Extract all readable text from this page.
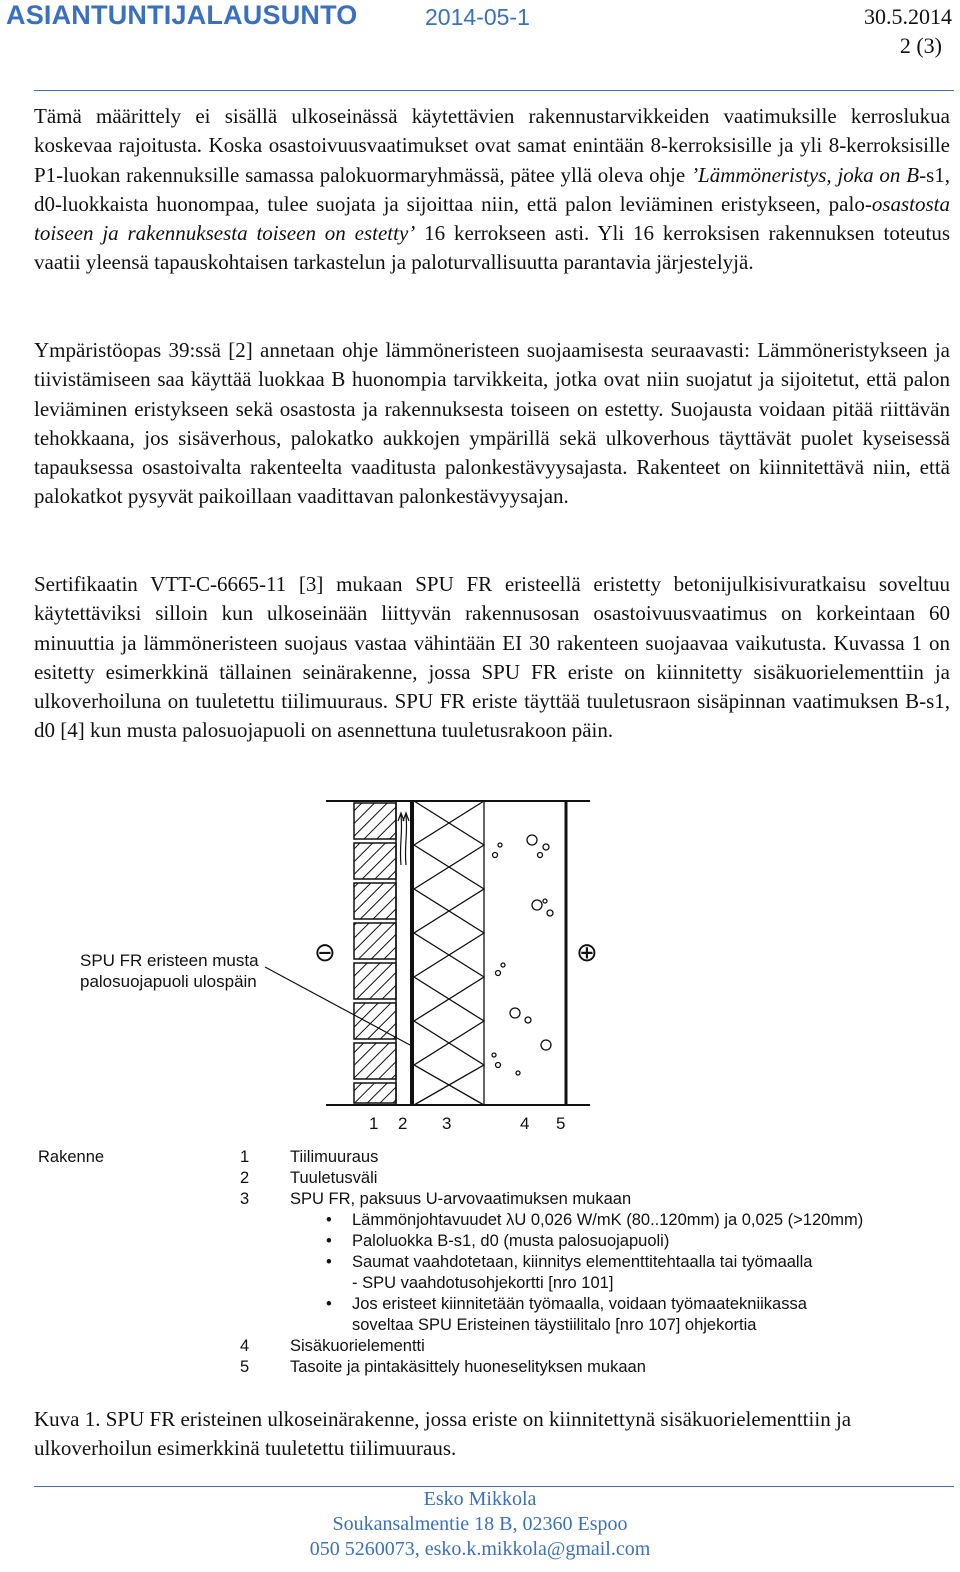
ASIANTUNTIJALAUSUNTO	2014-05-1	30.5.2014
2 (3)

Tämä määrittely ei sisällä ulkoseinässä käytettävien rakennustarvikkeiden vaatimuksille kerroslukua koskevaa rajoitusta. Koska osastoivuusvaatimukset ovat samat enintään 8-kerroksisille ja yli 8-kerroksisille P1-luokan rakennuksille samassa palokuormaryhmässä, pätee yllä oleva ohje ’Lämmöneristys, joka on B-s1, d0-luokkaista huonompaa, tulee suojata ja sijoittaa niin, että palon leviäminen eristykseen, palo-osastosta toiseen ja rakennuksesta toiseen on estetty’ 16 kerrokseen asti. Yli 16 kerroksisen rakennuksen toteutus vaatii yleensä tapauskohtaisen tarkastelun ja paloturvallisuutta parantavia järjestelyjä.

Ympäristöopas 39:ssä [2] annetaan ohje lämmöneristeen suojaamisesta seuraavasti: Lämmöneristykseen ja tiivistämiseen saa käyttää luokkaa B huonompia tarvikkeita, jotka ovat niin suojatut ja sijoitetut, että palon leviäminen eristykseen sekä osastosta ja rakennuksesta toiseen on estetty. Suojausta voidaan pitää riittävän tehokkaana, jos sisäverhous, palokatko aukkojen ympärillä sekä ulkoverhous täyttävät puolet kyseisessä tapauksessa osastoivalta rakenteelta vaaditusta palonkestävyysajasta. Rakenteet on kiinnitettävä niin, että palokatkot pysyvät paikoillaan vaadittavan palonkestävyysajan.

Sertifikaatin VTT-C-6665-11 [3] mukaan SPU FR eristeellä eristetty betonijulkisivuratkaisu soveltuu käytettäviksi silloin kun ulkoseinään liittyvän rakennusosan osastoivuusvaatimus on korkeintaan 60 minuuttia ja lämmöneristeen suojaus vastaa vähintään EI 30 rakenteen suojaavaa vaikutusta. Kuvassa 1 on esitetty esimerkkinä tällainen seinärakenne, jossa SPU FR eriste on kiinnitetty sisäkuorielementtiin ja ulkoverhoiluna on tuuletettu tiilimuuraus. SPU FR eriste täyttää tuuletusraon sisäpinnan vaatimuksen B-s1, d0 [4] kun musta palosuojapuoli on asennettuna tuuletusrakoon päin.

⊖	⊕
SPU FR eristeen musta
palosuojapuoli ulospäin
1 2 3	4 5
Rakenne	1 Tiilimuuraus
2 Tuuletusväli
3 SPU FR, paksuus U-arvovaatimuksen mukaan
• Lämmönjohtavuudet λU 0,026 W/mK (80..120mm) ja 0,025 (>120mm)
• Paloluokka B-s1, d0 (musta palosuojapuoli)
• Saumat vaahdotetaan, kiinnitys elementtitehtaalla tai työmaalla
- SPU vaahdotusohjekortti [nro 101]
• Jos eristeet kiinnitetään työmaalla, voidaan työmaatekniikassa
soveltaa SPU Eristeinen täystiilitalo [nro 107] ohjekortia
4 Sisäkuorielementti
5 Tasoite ja pintakäsittely huoneselityksen mukaan

Kuva 1. SPU FR eristeinen ulkoseinärakenne, jossa eriste on kiinnitettynä sisäkuorielementtiin ja ulkoverhoilun esimerkkinä tuuletettu tiilimuuraus.

Esko Mikkola
Soukansalmentie 18 B, 02360 Espoo
050 5260073, esko.k.mikkola@gmail.com
